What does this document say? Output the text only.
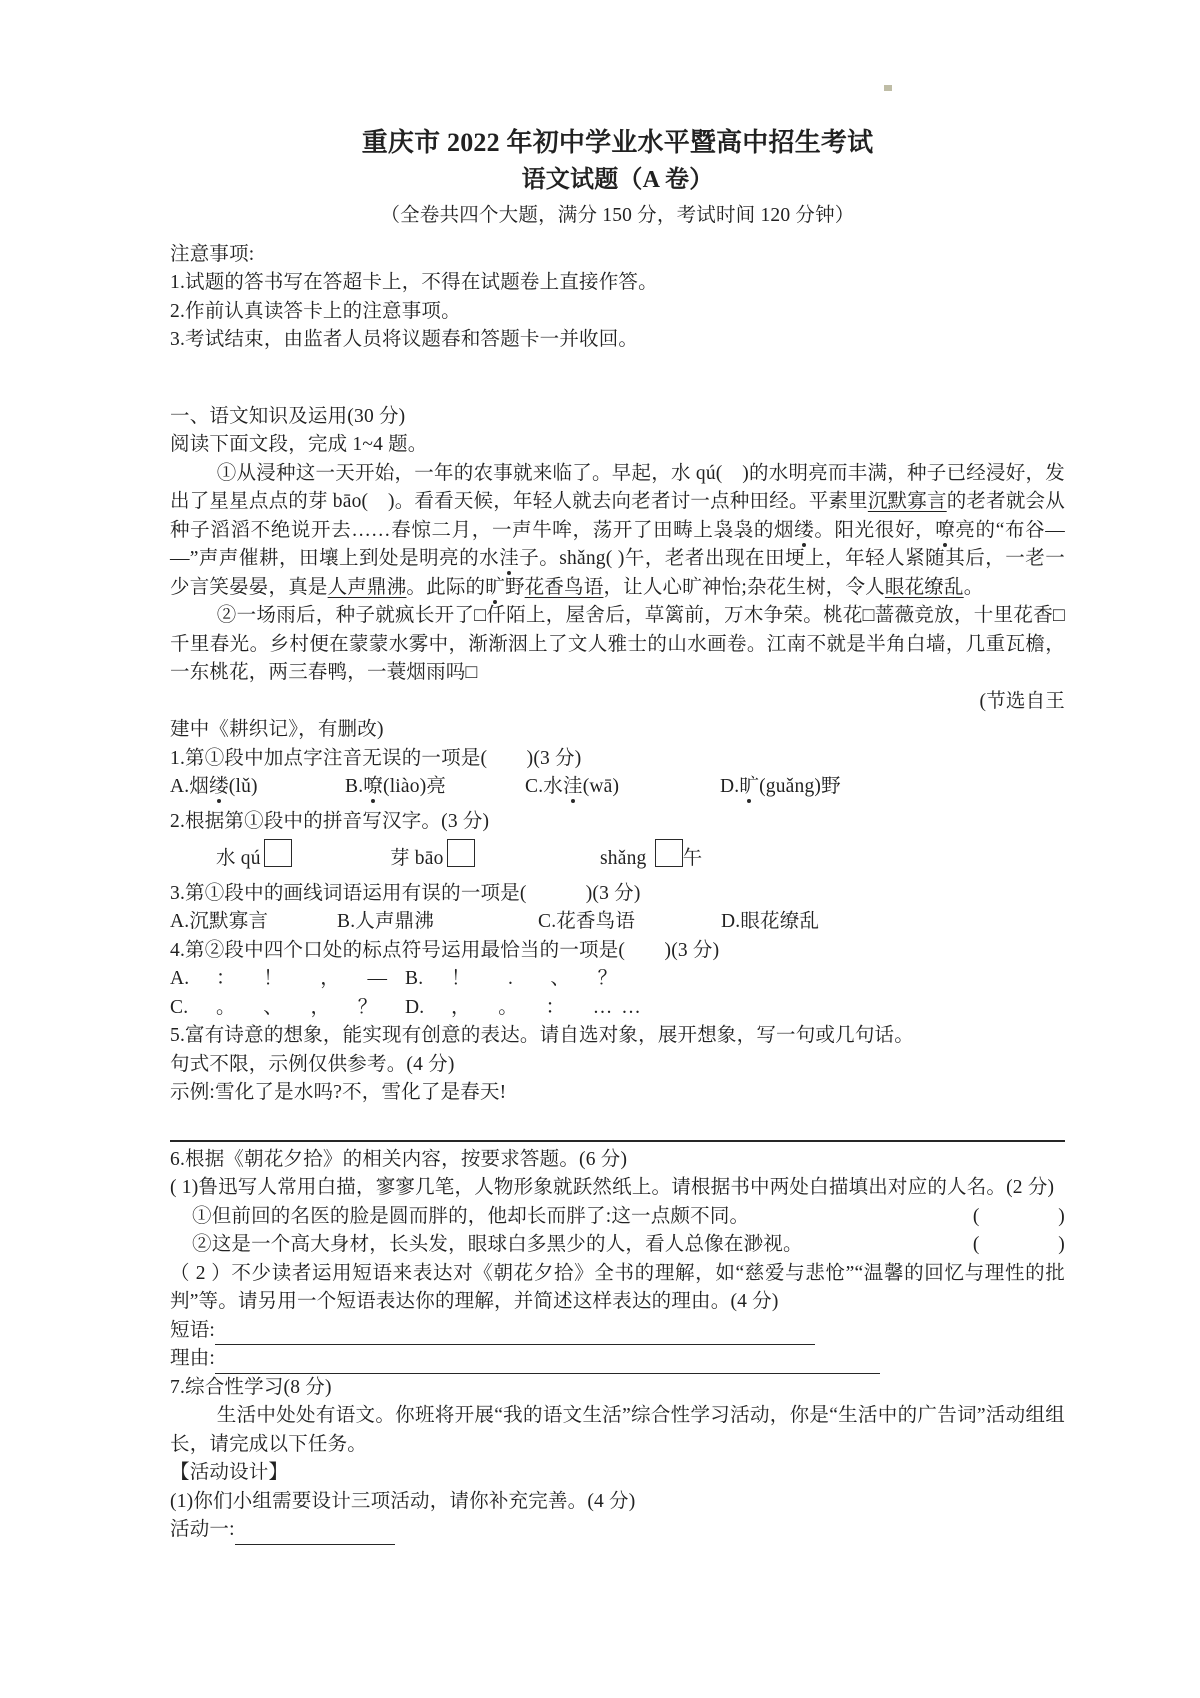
重庆市 2022 年初中学业水平暨高中招生考试
语文试题（A 卷）
（全卷共四个大题，满分 150 分，考试时间 120 分钟）

注意事项:

1.试题的答书写在答超卡上，不得在试题卷上直接作答。

2.作前认真读答卡上的注意事项。

3.考试结束，由监者人员将议题春和答题卡一并收回。

一、语文知识及运用(30 分)

阅读下面文段，完成 1~4 题。

①从浸种这一天开始，一年的农事就来临了。早起，水 qú(　)的水明亮而丰满，种子已经浸好，发出了星星点点的芽 bāo(　)。看看天候，年轻人就去向老者讨一点种田经。平素里沉默寡言的老者就会从种子滔滔不绝说开去……春惊二月，一声牛哞，荡开了田畴上袅袅的烟缕。阳光很好，嘹亮的“布谷— —”声声催耕，田壤上到处是明亮的水洼子。shǎng( )午，老者出现在田埂上，年轻人紧随其后，一老一少言笑晏晏，真是人声鼎沸。此际的旷野花香鸟语，让人心旷神怡;杂花生树，令人眼花缭乱。

②一场雨后，种子就疯长开了□仟陌上，屋舍后，草篱前，万木争荣。桃花□蔷薇竞放，十里花香□千里春光。乡村便在蒙蒙水雾中，渐渐洇上了文人雅士的山水画卷。江南不就是半角白墙，几重瓦檐，一东桃花，两三春鸭，一蓑烟雨吗□

(节选自王

建中《耕织记》，有删改)

1.第①段中加点字注音无误的一项是(　　)(3 分)

A.烟缕(lǔ)	B.嘹(liào)亮	C.水洼(wā)	D.旷(guǎng)野

2.根据第①段中的拼音写汉字。(3 分)

水 qú	芽 bāo	shǎng 午

3.第①段中的画线词语运用有误的一项是(　　　)(3 分)

A.沉默寡言	B.人声鼎沸	C.花香鸟语	D.眼花缭乱

4.第②段中四个口处的标点符号运用最恰当的一项是(　　)(3 分)

A. ：　！　，　— B. ！　.　、　？
C. 。　、　，　？ D. ，　。　：　……

5.富有诗意的想象，能实现有创意的表达。请自选对象，展开想象，写一句或几句话。

句式不限，示例仅供参考。(4 分)

示例:雪化了是水吗?不，雪化了是春天!

6.根据《朝花夕拾》的相关内容，按要求答题。(6 分)

( 1)鲁迅写人常用白描，寥寥几笔，人物形象就跃然纸上。请根据书中两处白描填出对应的人名。(2 分)

①但前回的名医的脸是圆而胖的，他却长而胖了:这一点颇不同。	(　　　　)
②这是一个高大身材，长头发，眼球白多黑少的人，看人总像在渺视。	(　　　　)

（ 2 ）不少读者运用短语来表达对《朝花夕拾》全书的理解，如“慈爱与悲怆”“温馨的回忆与理性的批判”等。请另用一个短语表达你的理解，并简述这样表达的理由。(4 分)

短语:
理由:

7.综合性学习(8 分)

生活中处处有语文。你班将开展“我的语文生活”综合性学习活动，你是“生活中的广告词”活动组组长，请完成以下任务。

【活动设计】

(1)你们小组需要设计三项活动，请你补充完善。(4 分)

活动一:
